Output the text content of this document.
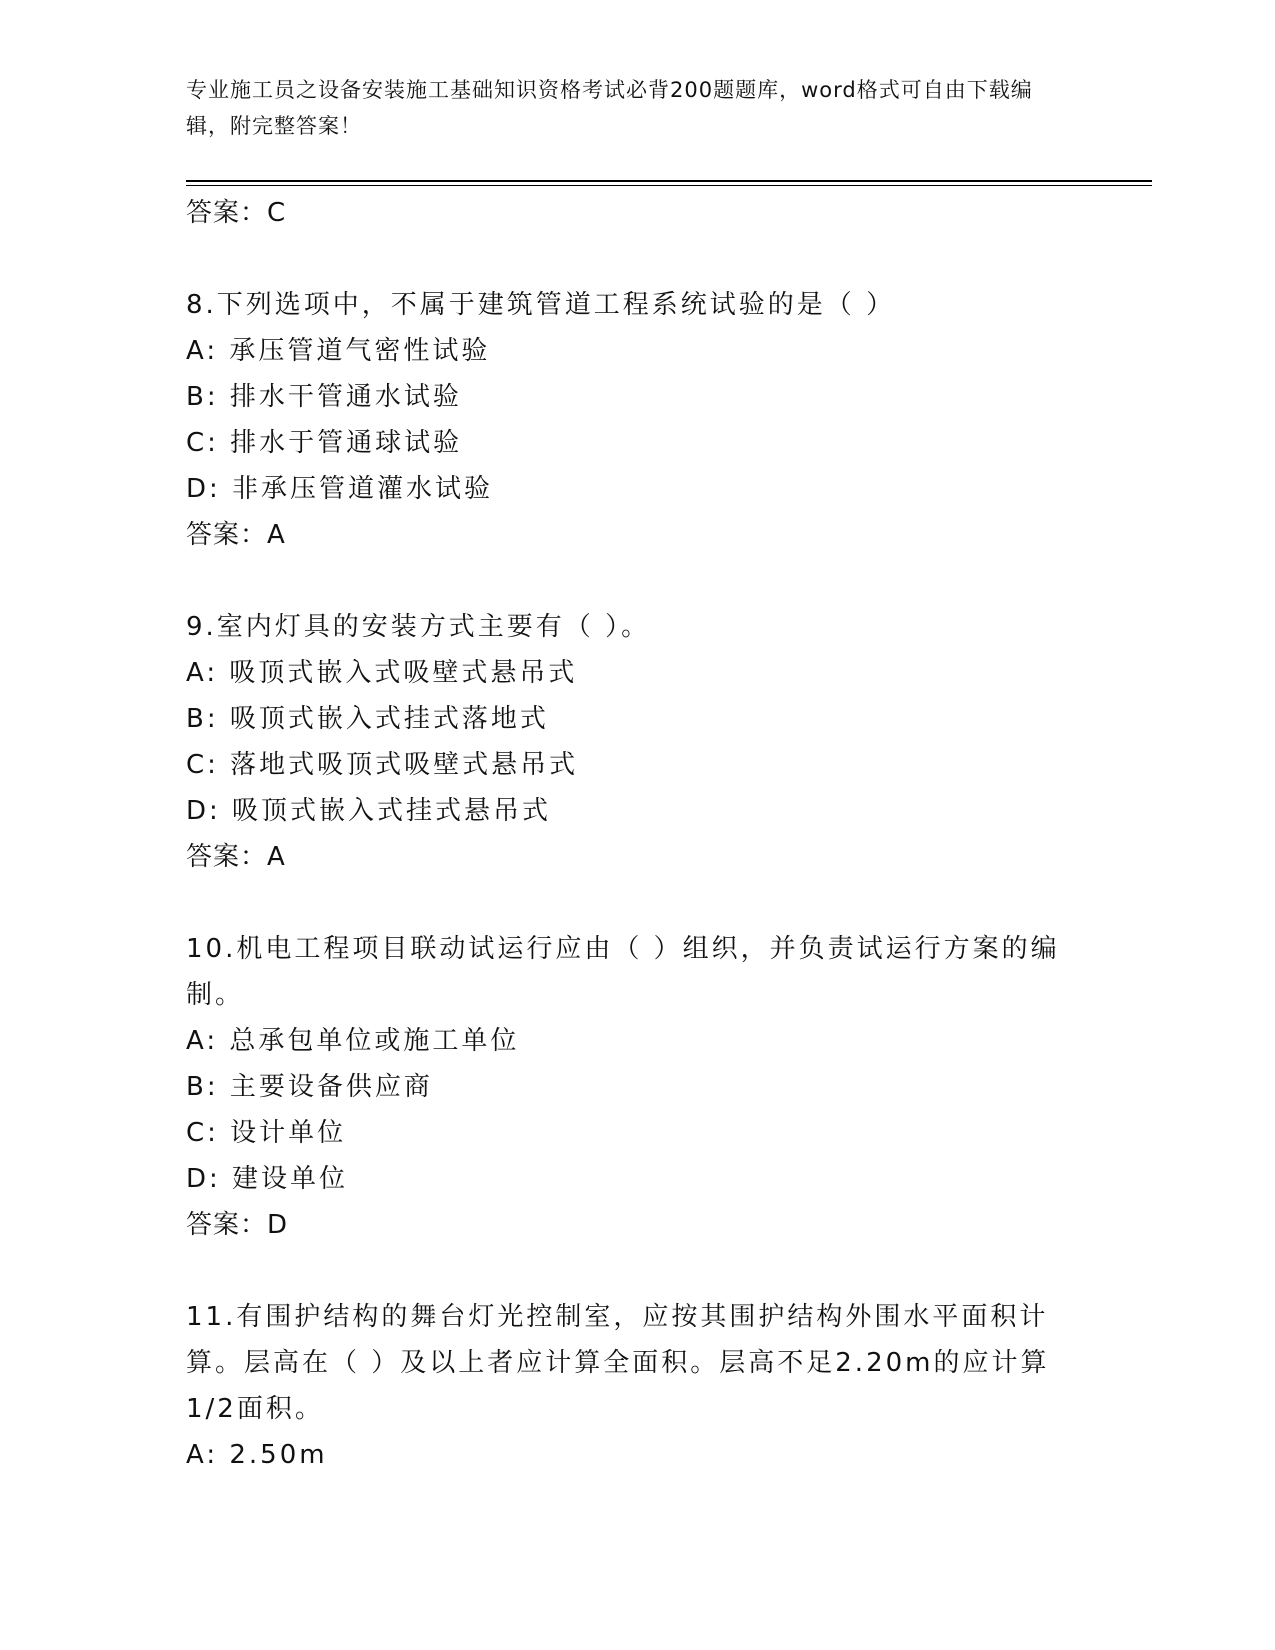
专业施工员之设备安装施工基础知识资格考试必背200题题库，word格式可自由下载编辑，附完整答案！
答案：C
8.下列选项中，不属于建筑管道工程系统试验的是（ ）
A: 承压管道气密性试验
B: 排水干管通水试验
C: 排水于管通球试验
D: 非承压管道灌水试验
答案：A
9.室内灯具的安装方式主要有（ ）。
A: 吸顶式嵌入式吸壁式悬吊式
B: 吸顶式嵌入式挂式落地式
C: 落地式吸顶式吸壁式悬吊式
D: 吸顶式嵌入式挂式悬吊式
答案：A
10.机电工程项目联动试运行应由（ ）组织，并负责试运行方案的编制。
A: 总承包单位或施工单位
B: 主要设备供应商
C: 设计单位
D: 建设单位
答案：D
11.有围护结构的舞台灯光控制室，应按其围护结构外围水平面积计算。层高在（ ）及以上者应计算全面积。层高不足2.20m的应计算1/2面积。
A: 2.50m
